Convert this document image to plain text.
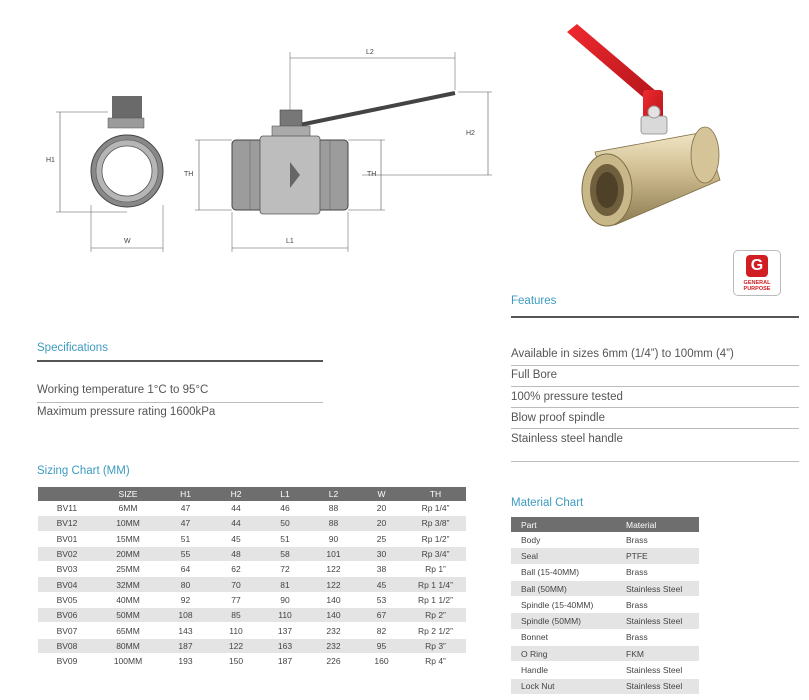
H1
W
TH	TH
L1
L2
H2
G
GENERAL
PURPOSE
Features
Available in sizes 6mm (1/4”) to 100mm (4”)
Full Bore
100% pressure tested
Blow proof spindle
Stainless steel handle
Specifications
Working temperature 1°C to 95°C
Maximum pressure rating 1600kPa
Sizing Chart (MM)
	SIZE	H1	H2	L1	L2	W	TH
BV11	6MM	47	44	46	88	20	Rp 1/4”
BV12	10MM	47	44	50	88	20	Rp 3/8”
BV01	15MM	51	45	51	90	25	Rp 1/2”
BV02	20MM	55	48	58	101	30	Rp 3/4”
BV03	25MM	64	62	72	122	38	Rp 1”
BV04	32MM	80	70	81	122	45	Rp 1 1/4”
BV05	40MM	92	77	90	140	53	Rp 1 1/2”
BV06	50MM	108	85	110	140	67	Rp 2”
BV07	65MM	143	110	137	232	82	Rp 2 1/2”
BV08	80MM	187	122	163	232	95	Rp 3”
BV09	100MM	193	150	187	226	160	Rp 4”
Material Chart
Part	Material
Body	Brass
Seal	PTFE
Ball (15-40MM)	Brass
Ball (50MM)	Stainless Steel
Spindle (15-40MM)	Brass
Spindle (50MM)	Stainless Steel
Bonnet	Brass
O Ring	FKM
Handle	Stainless Steel
Lock Nut	Stainless Steel
